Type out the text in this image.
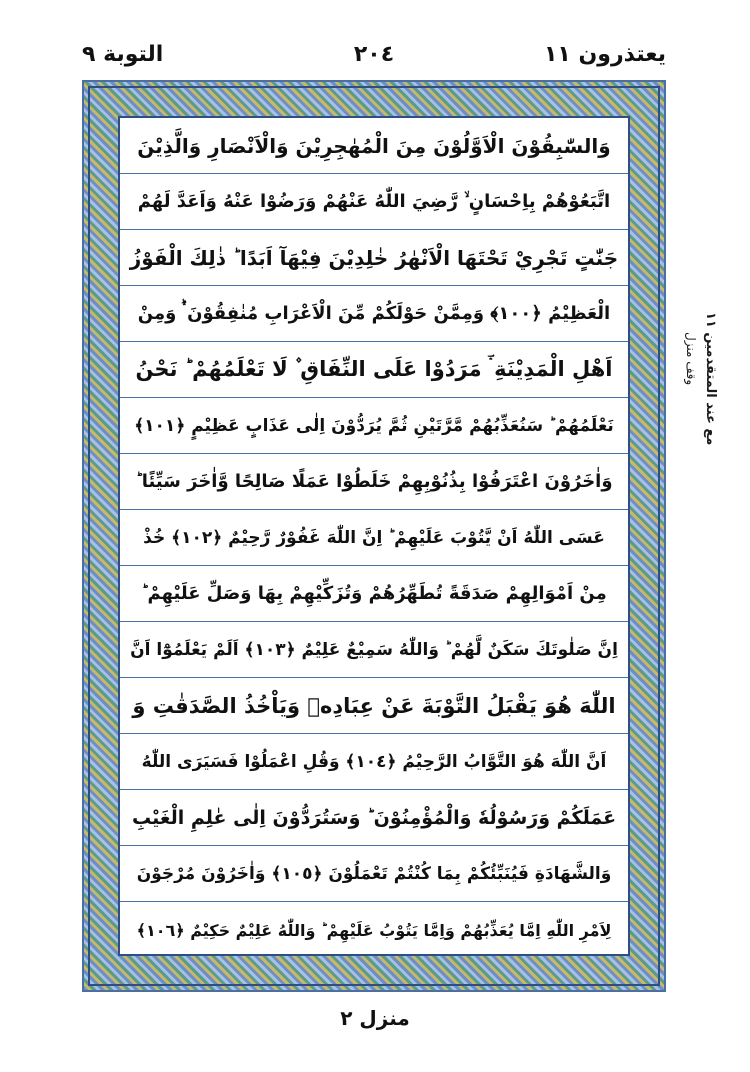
يعتذرون ١١
٢٠٤
التوبة ٩
وَالسّٰبِقُوْنَ الْاَوَّلُوْنَ مِنَ الْمُهٰجِرِيْنَ وَالْاَنْصَارِ وَالَّذِيْنَ
اتَّبَعُوْهُمْ بِاِحْسَانٍ ۙ رَّضِيَ اللّٰهُ عَنْهُمْ وَرَضُوْا عَنْهُ وَاَعَدَّ لَهُمْ
جَنّٰتٍ تَجْرِيْ تَحْتَهَا الْاَنْهٰرُ خٰلِدِيْنَ فِيْهَآ اَبَدًا ؕ ذٰلِكَ الْفَوْزُ
الْعَظِيْمُ ﴿١٠٠﴾ وَمِمَّنْ حَوْلَكُمْ مِّنَ الْاَعْرَابِ مُنٰفِقُوْنَ ۛؕ وَمِنْ
اَهْلِ الْمَدِيْنَةِ ۛؔ مَرَدُوْا عَلَى النِّفَاقِ ۫ لَا تَعْلَمُهُمْ ؕ نَحْنُ
نَعْلَمُهُمْ ؕ سَنُعَذِّبُهُمْ مَّرَّتَيْنِ ثُمَّ يُرَدُّوْنَ اِلٰى عَذَابٍ عَظِيْمٍ ﴿١٠١﴾
وَاٰخَرُوْنَ اعْتَرَفُوْا بِذُنُوْبِهِمْ خَلَطُوْا عَمَلًا صَالِحًا وَّاٰخَرَ سَيِّئًا ؕ
عَسَى اللّٰهُ اَنْ يَّتُوْبَ عَلَيْهِمْ ؕ اِنَّ اللّٰهَ غَفُوْرٌ رَّحِيْمٌ ﴿١٠٢﴾ خُذْ
مِنْ اَمْوَالِهِمْ صَدَقَةً تُطَهِّرُهُمْ وَتُزَكِّيْهِمْ بِهَا وَصَلِّ عَلَيْهِمْ ؕ
اِنَّ صَلٰوتَكَ سَكَنٌ لَّهُمْ ؕ وَاللّٰهُ سَمِيْعٌ عَلِيْمٌ ﴿١٠٣﴾ اَلَمْ يَعْلَمُوْٓا اَنَّ
اللّٰهَ هُوَ يَقْبَلُ التَّوْبَةَ عَنْ عِبَادِهٖ وَيَاْخُذُ الصَّدَقٰتِ وَ
اَنَّ اللّٰهَ هُوَ التَّوَّابُ الرَّحِيْمُ ﴿١٠٤﴾ وَقُلِ اعْمَلُوْا فَسَيَرَى اللّٰهُ
عَمَلَكُمْ وَرَسُوْلُهٗ وَالْمُؤْمِنُوْنَ ؕ وَسَتُرَدُّوْنَ اِلٰى عٰلِمِ الْغَيْبِ
وَالشَّهَادَةِ فَيُنَبِّئُكُمْ بِمَا كُنْتُمْ تَعْمَلُوْنَ ﴿١٠٥﴾ وَاٰخَرُوْنَ مُرْجَوْنَ
لِاَمْرِ اللّٰهِ اِمَّا يُعَذِّبُهُمْ وَاِمَّا يَتُوْبُ عَلَيْهِمْ ؕ وَاللّٰهُ عَلِيْمٌ حَكِيْمٌ ﴿١٠٦﴾
مع عند المتقدمين ١١
وقف منزل
منزل ٢
